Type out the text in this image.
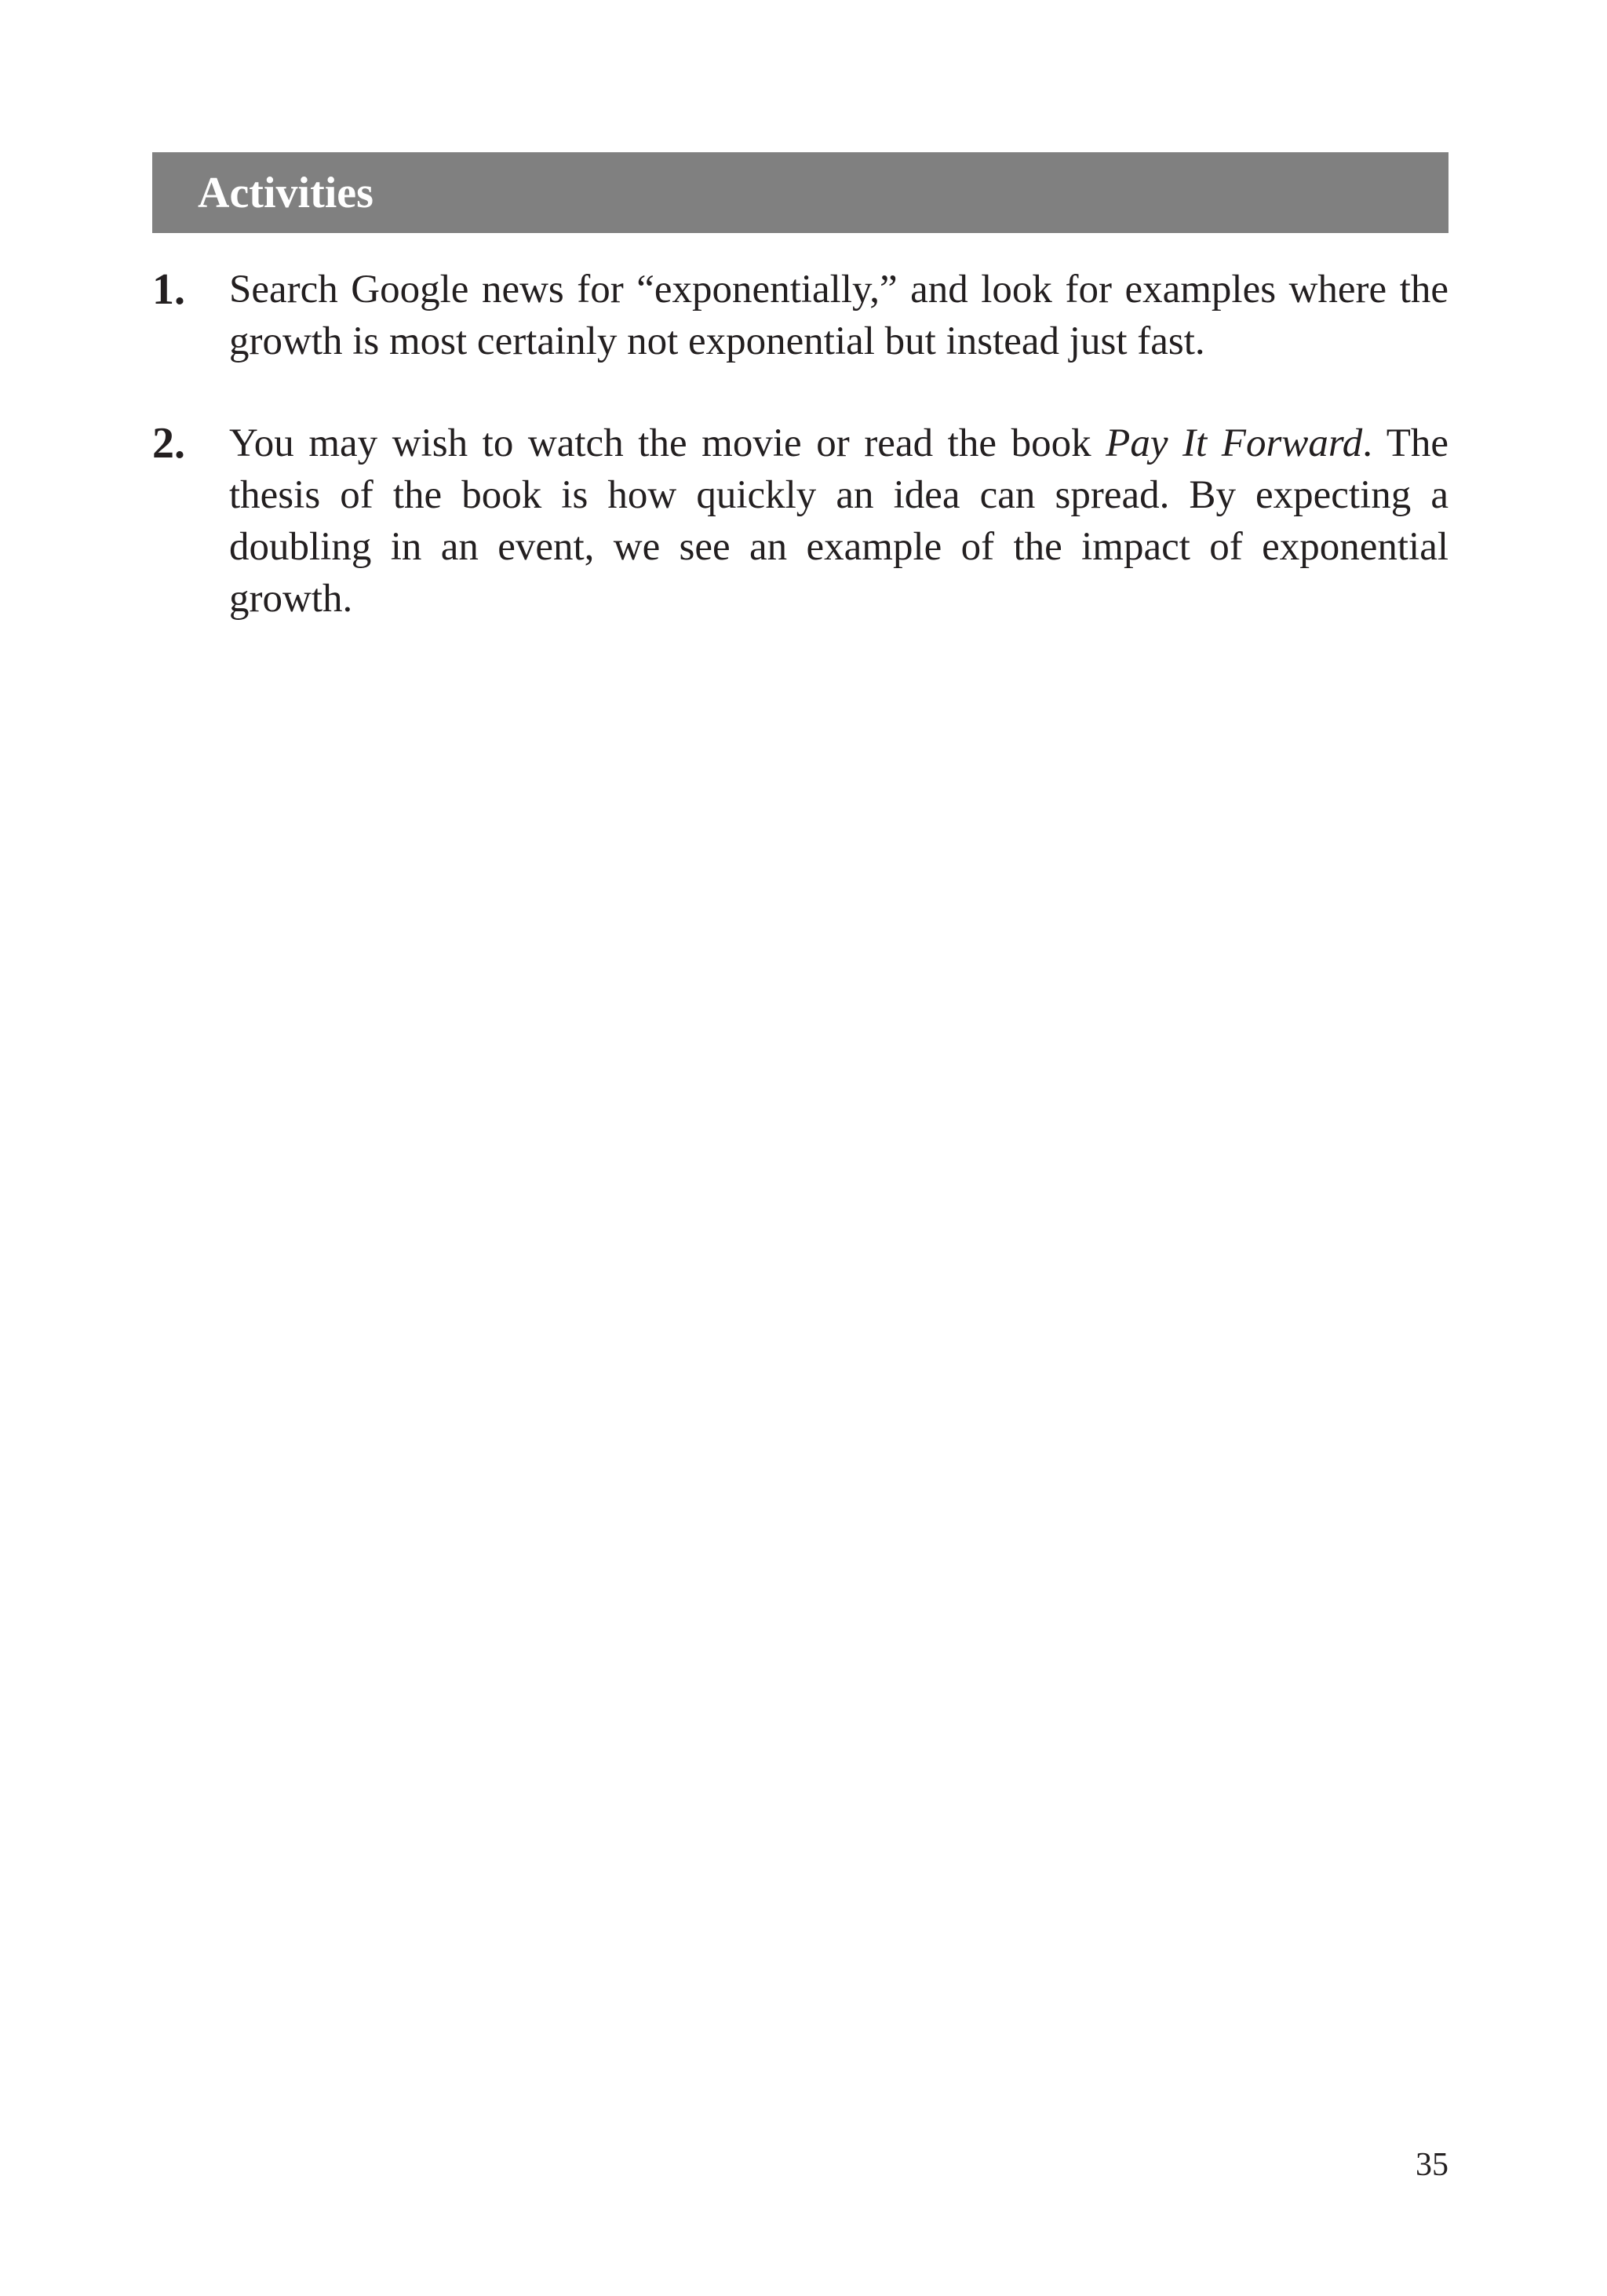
Activities
1. Search Google news for “exponentially,” and look for examples where the growth is most certainly not exponential but instead just fast.

2. You may wish to watch the movie or read the book Pay It Forward. The thesis of the book is how quickly an idea can spread. By expecting a doubling in an event, we see an example of the impact of exponential growth.

35
